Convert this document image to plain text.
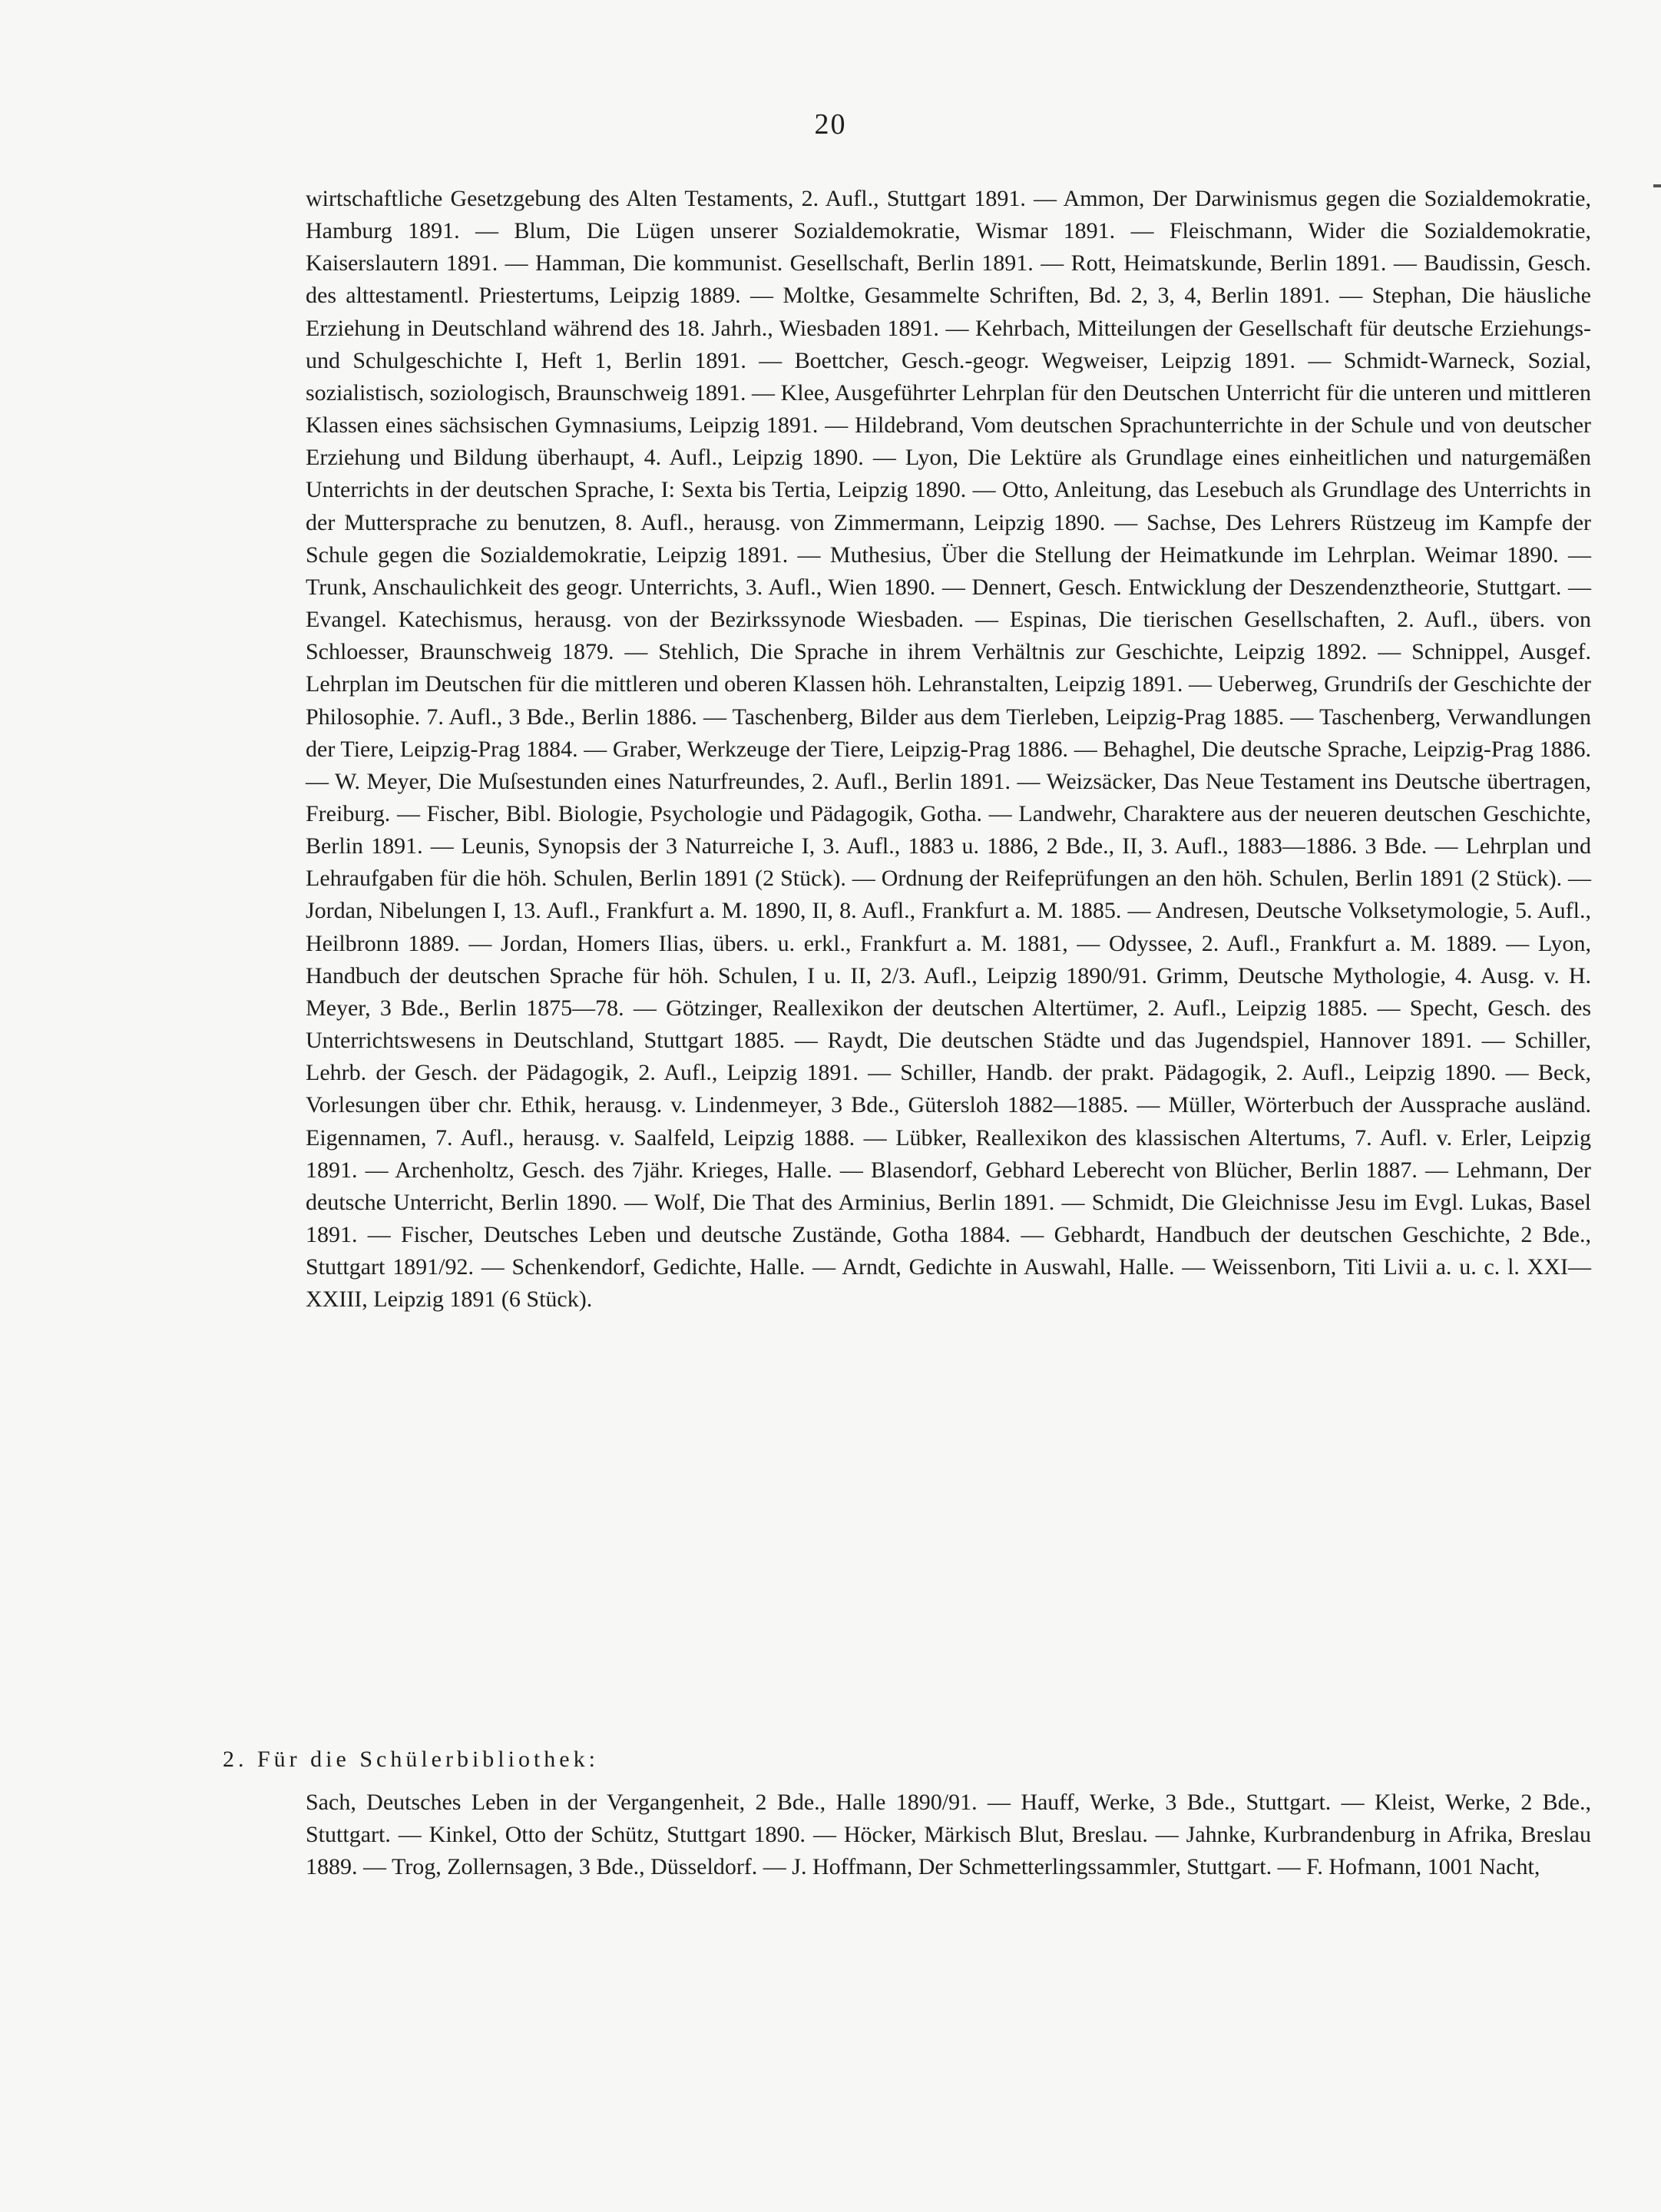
20

wirtschaftliche Gesetzgebung des Alten Testaments, 2. Aufl., Stuttgart 1891. — Ammon, Der Darwinismus gegen die Sozialdemokratie, Hamburg 1891. — Blum, Die Lügen unserer Sozialdemokratie, Wismar 1891. — Fleischmann, Wider die Sozialdemokratie, Kaiserslautern 1891. — Hamman, Die kommunist. Gesellschaft, Berlin 1891. — Rott, Heimatskunde, Berlin 1891. — Baudissin, Gesch. des alttestamentl. Priestertums, Leipzig 1889. — Moltke, Gesammelte Schriften, Bd. 2, 3, 4, Berlin 1891. — Stephan, Die häusliche Erziehung in Deutschland während des 18. Jahrh., Wiesbaden 1891. — Kehrbach, Mitteilungen der Gesellschaft für deutsche Erziehungs- und Schulgeschichte I, Heft 1, Berlin 1891. — Boettcher, Gesch.-geogr. Wegweiser, Leipzig 1891. — Schmidt-Warneck, Sozial, sozialistisch, soziologisch, Braunschweig 1891. — Klee, Ausgeführter Lehrplan für den Deutschen Unterricht für die unteren und mittleren Klassen eines sächsischen Gymnasiums, Leipzig 1891. — Hildebrand, Vom deutschen Sprachunterrichte in der Schule und von deutscher Erziehung und Bildung überhaupt, 4. Aufl., Leipzig 1890. — Lyon, Die Lektüre als Grundlage eines einheitlichen und naturgemäßen Unterrichts in der deutschen Sprache, I: Sexta bis Tertia, Leipzig 1890. — Otto, Anleitung, das Lesebuch als Grundlage des Unterrichts in der Muttersprache zu benutzen, 8. Aufl., herausg. von Zimmermann, Leipzig 1890. — Sachse, Des Lehrers Rüstzeug im Kampfe der Schule gegen die Sozialdemokratie, Leipzig 1891. — Muthesius, Über die Stellung der Heimatkunde im Lehrplan. Weimar 1890. — Trunk, Anschaulichkeit des geogr. Unterrichts, 3. Aufl., Wien 1890. — Dennert, Gesch. Entwicklung der Deszendenztheorie, Stuttgart. — Evangel. Katechismus, herausg. von der Bezirkssynode Wiesbaden. — Espinas, Die tierischen Gesellschaften, 2. Aufl., übers. von Schloesser, Braunschweig 1879. — Stehlich, Die Sprache in ihrem Verhältnis zur Geschichte, Leipzig 1892. — Schnippel, Ausgef. Lehrplan im Deutschen für die mittleren und oberen Klassen höh. Lehranstalten, Leipzig 1891. — Ueberweg, Grundriſs der Geschichte der Philosophie. 7. Aufl., 3 Bde., Berlin 1886. — Taschenberg, Bilder aus dem Tierleben, Leipzig-Prag 1885. — Taschenberg, Verwandlungen der Tiere, Leipzig-Prag 1884. — Graber, Werkzeuge der Tiere, Leipzig-Prag 1886. — Behaghel, Die deutsche Sprache, Leipzig-Prag 1886. — W. Meyer, Die Muſsestunden eines Naturfreundes, 2. Aufl., Berlin 1891. — Weizsäcker, Das Neue Testament ins Deutsche übertragen, Freiburg. — Fischer, Bibl. Biologie, Psychologie und Pädagogik, Gotha. — Landwehr, Charaktere aus der neueren deutschen Geschichte, Berlin 1891. — Leunis, Synopsis der 3 Naturreiche I, 3. Aufl., 1883 u. 1886, 2 Bde., II, 3. Aufl., 1883—1886. 3 Bde. — Lehrplan und Lehraufgaben für die höh. Schulen, Berlin 1891 (2 Stück). — Ordnung der Reifeprüfungen an den höh. Schulen, Berlin 1891 (2 Stück). — Jordan, Nibelungen I, 13. Aufl., Frankfurt a. M. 1890, II, 8. Aufl., Frankfurt a. M. 1885. — Andresen, Deutsche Volksetymologie, 5. Aufl., Heilbronn 1889. — Jordan, Homers Ilias, übers. u. erkl., Frankfurt a. M. 1881, — Odyssee, 2. Aufl., Frankfurt a. M. 1889. — Lyon, Handbuch der deutschen Sprache für höh. Schulen, I u. II, 2/3. Aufl., Leipzig 1890/91. Grimm, Deutsche Mythologie, 4. Ausg. v. H. Meyer, 3 Bde., Berlin 1875—78. — Götzinger, Reallexikon der deutschen Altertümer, 2. Aufl., Leipzig 1885. — Specht, Gesch. des Unterrichtswesens in Deutschland, Stuttgart 1885. — Raydt, Die deutschen Städte und das Jugendspiel, Hannover 1891. — Schiller, Lehrb. der Gesch. der Pädagogik, 2. Aufl., Leipzig 1891. — Schiller, Handb. der prakt. Pädagogik, 2. Aufl., Leipzig 1890. — Beck, Vorlesungen über chr. Ethik, herausg. v. Lindenmeyer, 3 Bde., Gütersloh 1882—1885. — Müller, Wörterbuch der Aussprache ausländ. Eigennamen, 7. Aufl., herausg. v. Saalfeld, Leipzig 1888. — Lübker, Reallexikon des klassischen Altertums, 7. Aufl. v. Erler, Leipzig 1891. — Archenholtz, Gesch. des 7jähr. Krieges, Halle. — Blasendorf, Gebhard Leberecht von Blücher, Berlin 1887. — Lehmann, Der deutsche Unterricht, Berlin 1890. — Wolf, Die That des Arminius, Berlin 1891. — Schmidt, Die Gleichnisse Jesu im Evgl. Lukas, Basel 1891. — Fischer, Deutsches Leben und deutsche Zustände, Gotha 1884. — Gebhardt, Handbuch der deutschen Geschichte, 2 Bde., Stuttgart 1891/92. — Schenkendorf, Gedichte, Halle. — Arndt, Gedichte in Auswahl, Halle. — Weissenborn, Titi Livii a. u. c. l. XXI—XXIII, Leipzig 1891 (6 Stück).

2. Für die Schülerbibliothek:

Sach, Deutsches Leben in der Vergangenheit, 2 Bde., Halle 1890/91. — Hauff, Werke, 3 Bde., Stuttgart. — Kleist, Werke, 2 Bde., Stuttgart. — Kinkel, Otto der Schütz, Stuttgart 1890. — Höcker, Märkisch Blut, Breslau. — Jahnke, Kurbrandenburg in Afrika, Breslau 1889. — Trog, Zollernsagen, 3 Bde., Düsseldorf. — J. Hoffmann, Der Schmetterlingssammler, Stuttgart. — F. Hofmann, 1001 Nacht,
